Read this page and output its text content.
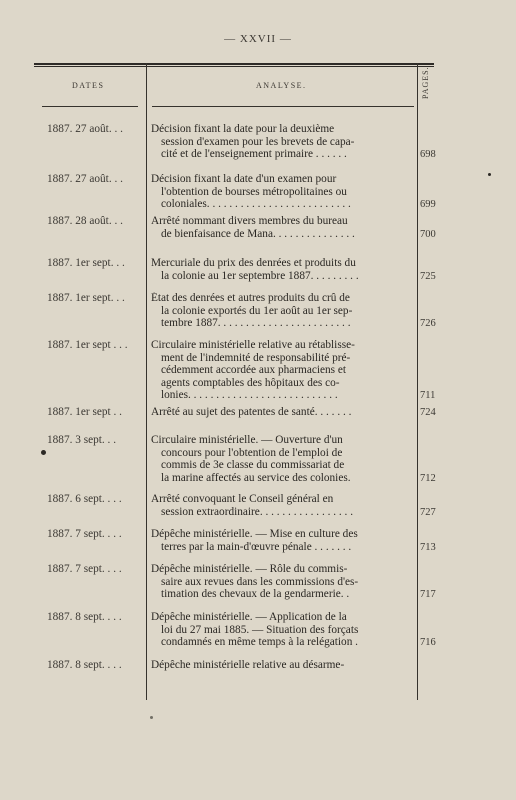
— XXVII —
DATES	ANALYSE.	PAGES.
1887. 27 août. . .	Décision fixant la date pour la deuxième
session d'examen pour les brevets de capa-
cité et de l'enseignement primaire . . . . . .	698
1887. 27 août. . .	Décision fixant la date d'un examen pour
l'obtention de bourses métropolitaines ou
coloniales. . . . . . . . . . . . . . . . . . . . . . . . . .	699
1887. 28 août. . .	Arrêté nommant divers membres du bureau
de bienfaisance de Mana. . . . . . . . . . . . . . .	700
1887. 1er sept. . .	Mercuriale du prix des denrées et produits du
la colonie au 1er septembre 1887. . . . . . . . .	725
1887. 1er sept. . .	État des denrées et autres produits du crû de
la colonie exportés du 1er août au 1er sep-
tembre 1887. . . . . . . . . . . . . . . . . . . . . . . .	726
1887. 1er sept . . .	Circulaire ministérielle relative au rétablisse-
ment de l'indemnité de responsabilité pré-
cédemment accordée aux pharmaciens et
agents comptables des hôpitaux des co-
lonies. . . . . . . . . . . . . . . . . . . . . . . . . . .	711
1887. 1er sept . .	Arrêté au sujet des patentes de santé. . . . . . .	724
1887. 3 sept. . .	Circulaire ministérielle. — Ouverture d'un
concours pour l'obtention de l'emploi de
commis de 3e classe du commissariat de
la marine affectés au service des colonies.	712
1887. 6 sept. . . .	Arrêté convoquant le Conseil général en
session extraordinaire. . . . . . . . . . . . . . . . .	727
1887. 7 sept. . . .	Dépêche ministérielle. — Mise en culture des
terres par la main-d'œuvre pénale . . . . . . .	713
1887. 7 sept. . . .	Dépêche ministérielle. — Rôle du commis-
saire aux revues dans les commissions d'es-
timation des chevaux de la gendarmerie. .	717
1887. 8 sept. . . .	Dépêche ministérielle. — Application de la
loi du 27 mai 1885. — Situation des forçats
condamnés en même temps à la relégation .	716
1887. 8 sept. . . .	Dépêche ministérielle relative au désarme-
